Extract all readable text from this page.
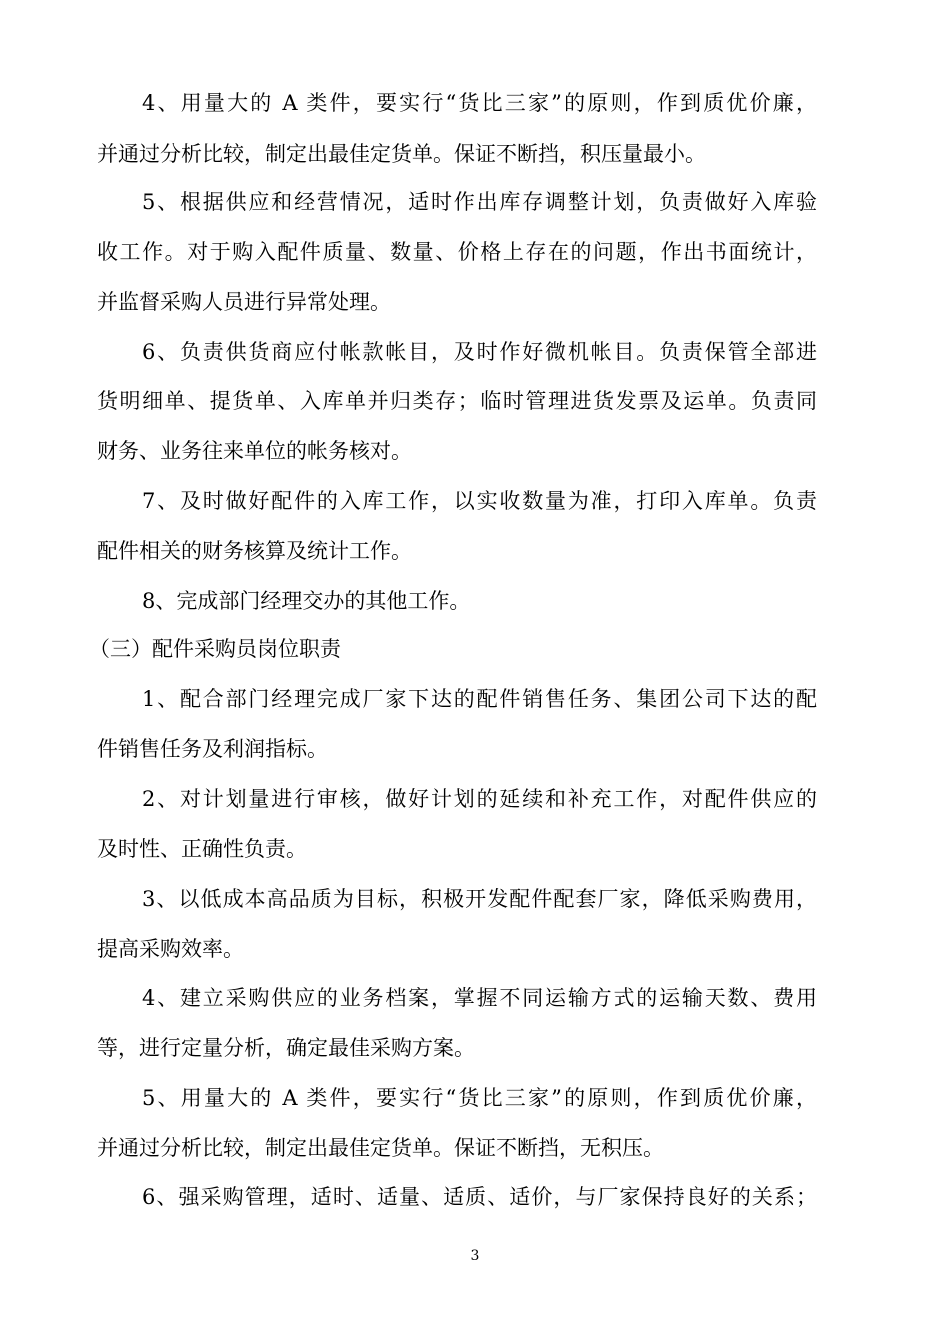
4、用量大的 A 类件，要实行“货比三家”的原则，作到质优价廉，
并通过分析比较，制定出最佳定货单。保证不断挡，积压量最小。
5、根据供应和经营情况，适时作出库存调整计划，负责做好入库验
收工作。对于购入配件质量、数量、价格上存在的问题，作出书面统计，
并监督采购人员进行异常处理。
6、负责供货商应付帐款帐目，及时作好微机帐目。负责保管全部进
货明细单、提货单、入库单并归类存；临时管理进货发票及运单。负责同
财务、业务往来单位的帐务核对。
7、及时做好配件的入库工作，以实收数量为准，打印入库单。负责
配件相关的财务核算及统计工作。
8、完成部门经理交办的其他工作。
（三）配件采购员岗位职责
1、配合部门经理完成厂家下达的配件销售任务、集团公司下达的配
件销售任务及利润指标。
2、对计划量进行审核，做好计划的延续和补充工作，对配件供应的
及时性、正确性负责。
3、以低成本高品质为目标，积极开发配件配套厂家，降低采购费用，
提高采购效率。
4、建立采购供应的业务档案，掌握不同运输方式的运输天数、费用
等，进行定量分析，确定最佳采购方案。
5、用量大的 A 类件，要实行“货比三家”的原则，作到质优价廉，
并通过分析比较，制定出最佳定货单。保证不断挡，无积压。
6、强采购管理，适时、适量、适质、适价，与厂家保持良好的关系；
3
